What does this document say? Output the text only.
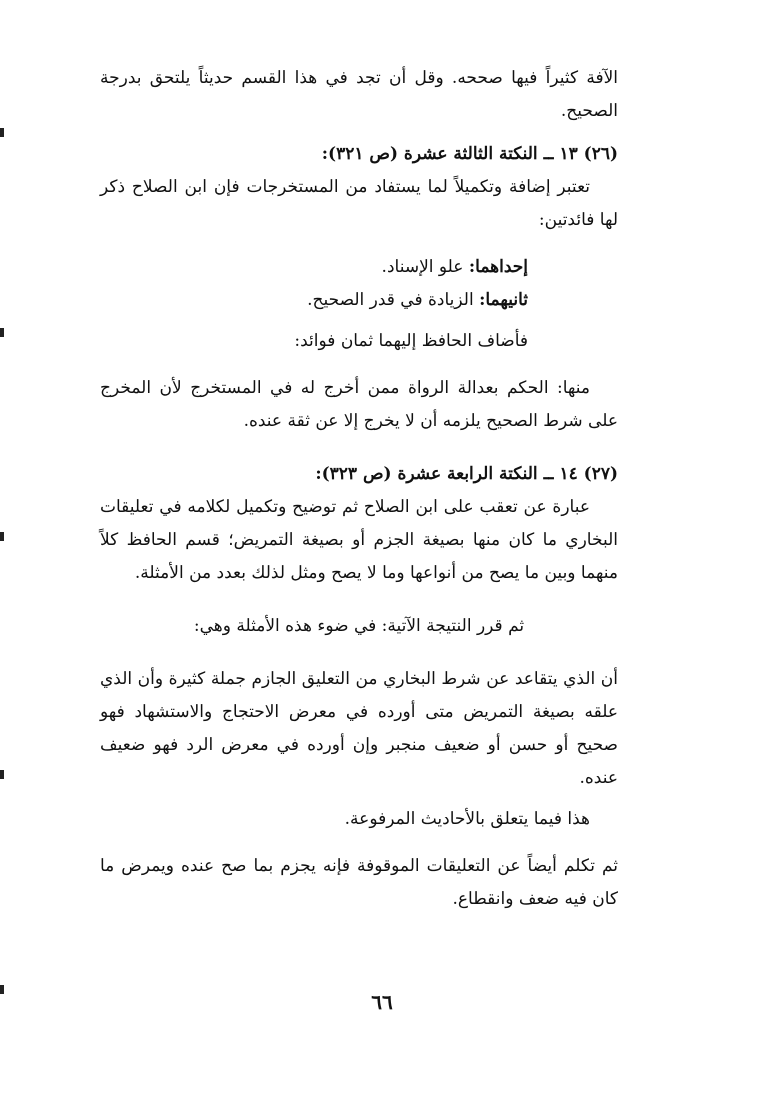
الآفة كثيراً فيها صححه. وقل أن تجد في هذا القسم حديثاً يلتحق بدرجة الصحيح.

(٢٦) ١٣ ــ النكتة الثالثة عشرة (ص ٣٢١):

تعتبر إضافة وتكميلاً لما يستفاد من المستخرجات فإن ابن الصلاح ذكر لها فائدتين:

إحداهما: علو الإسناد.

ثانيهما: الزيادة في قدر الصحيح.

فأضاف الحافظ إليهما ثمان فوائد:

منها: الحكم بعدالة الرواة ممن أخرج له في المستخرج لأن المخرج على شرط الصحيح يلزمه أن لا يخرج إلا عن ثقة عنده.

(٢٧) ١٤ ــ النكتة الرابعة عشرة (ص ٣٢٣):

عبارة عن تعقب على ابن الصلاح ثم توضيح وتكميل لكلامه في تعليقات البخاري ما كان منها بصيغة الجزم أو بصيغة التمريض؛ قسم الحافظ كلاً منهما وبين ما يصح من أنواعها وما لا يصح ومثل لذلك بعدد من الأمثلة.

ثم قرر النتيجة الآتية: في ضوء هذه الأمثلة وهي:

أن الذي يتقاعد عن شرط البخاري من التعليق الجازم جملة كثيرة وأن الذي علقه بصيغة التمريض متى أورده في معرض الاحتجاج والاستشهاد فهو صحيح أو حسن أو ضعيف منجبر وإن أورده في معرض الرد فهو ضعيف عنده.

هذا فيما يتعلق بالأحاديث المرفوعة.

ثم تكلم أيضاً عن التعليقات الموقوفة فإنه يجزم بما صح عنده ويمرض ما كان فيه ضعف وانقطاع.

٦٦
